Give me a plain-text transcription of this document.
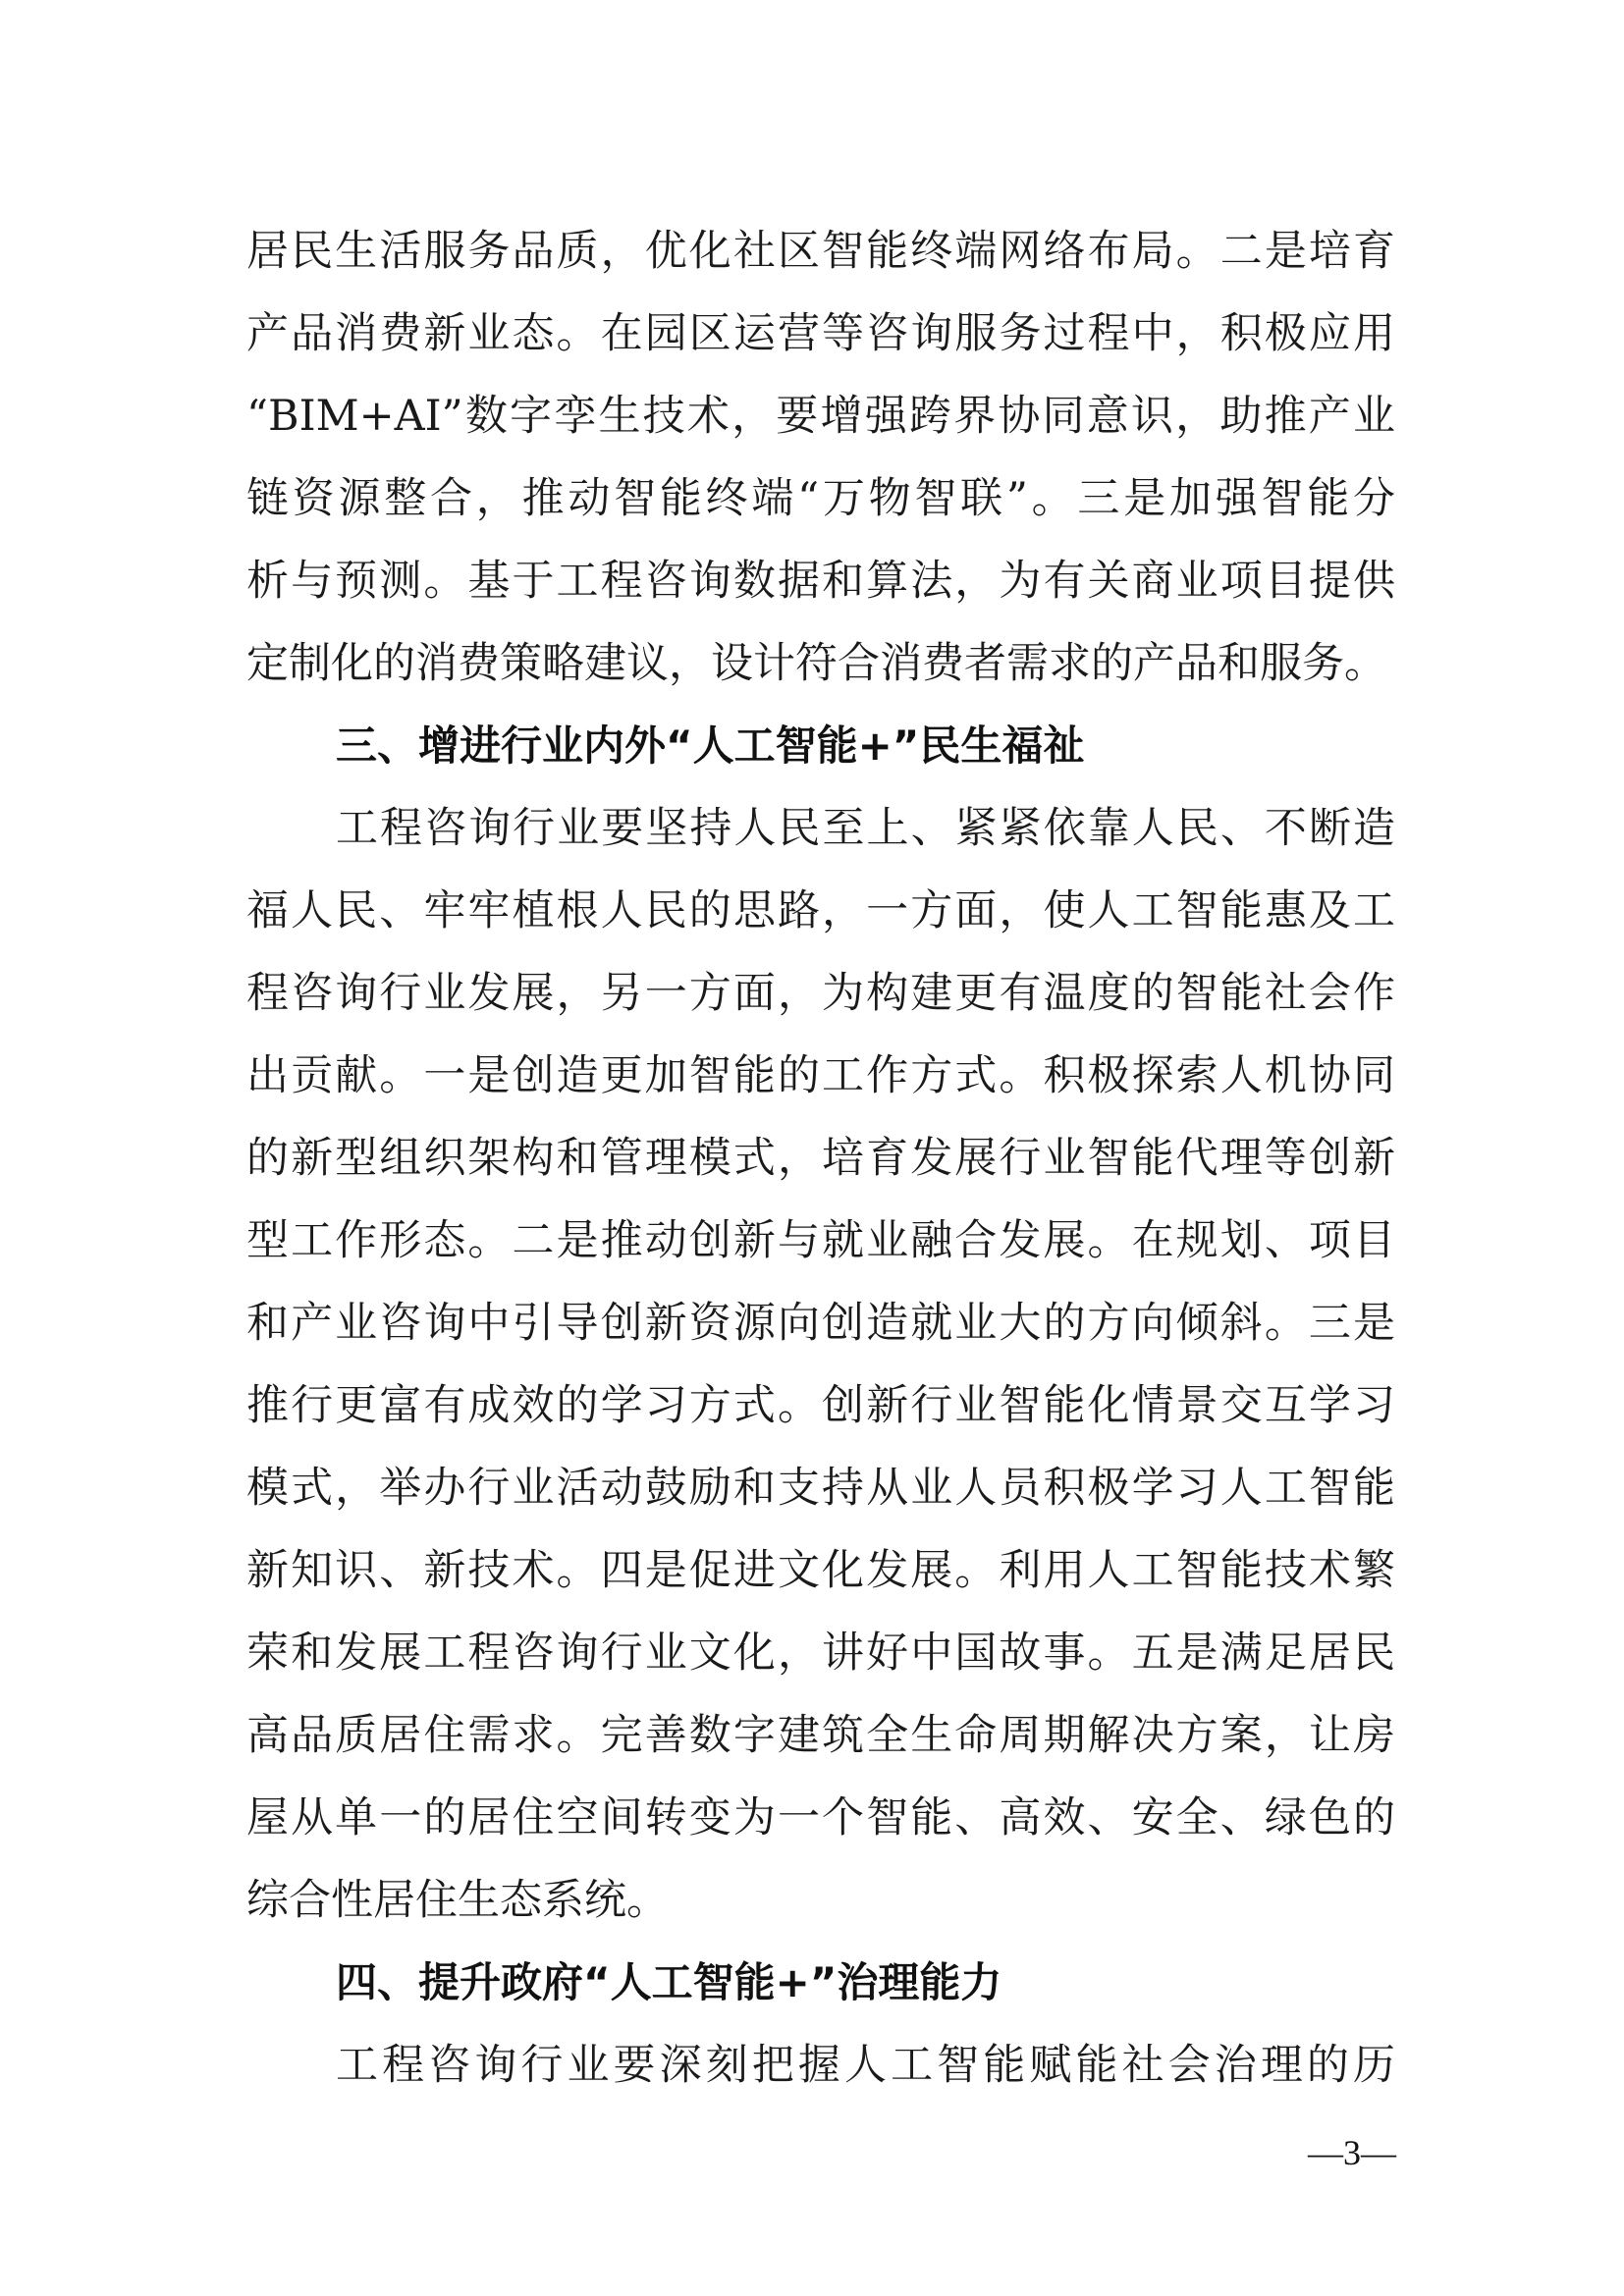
居民生活服务品质，优化社区智能终端网络布局。二是培育
产品消费新业态。在园区运营等咨询服务过程中，积极应用
“BIM+AI”数字孪生技术，要增强跨界协同意识，助推产业
链资源整合，推动智能终端“万物智联”。三是加强智能分
析与预测。基于工程咨询数据和算法，为有关商业项目提供
定制化的消费策略建议，设计符合消费者需求的产品和服务。
三、增进行业内外“人工智能+”民生福祉
工程咨询行业要坚持人民至上、紧紧依靠人民、不断造
福人民、牢牢植根人民的思路，一方面，使人工智能惠及工
程咨询行业发展，另一方面，为构建更有温度的智能社会作
出贡献。一是创造更加智能的工作方式。积极探索人机协同
的新型组织架构和管理模式，培育发展行业智能代理等创新
型工作形态。二是推动创新与就业融合发展。在规划、项目
和产业咨询中引导创新资源向创造就业大的方向倾斜。三是
推行更富有成效的学习方式。创新行业智能化情景交互学习
模式，举办行业活动鼓励和支持从业人员积极学习人工智能
新知识、新技术。四是促进文化发展。利用人工智能技术繁
荣和发展工程咨询行业文化，讲好中国故事。五是满足居民
高品质居住需求。完善数字建筑全生命周期解决方案，让房
屋从单一的居住空间转变为一个智能、高效、安全、绿色的
综合性居住生态系统。
四、提升政府“人工智能+”治理能力
工程咨询行业要深刻把握人工智能赋能社会治理的历
—3—
